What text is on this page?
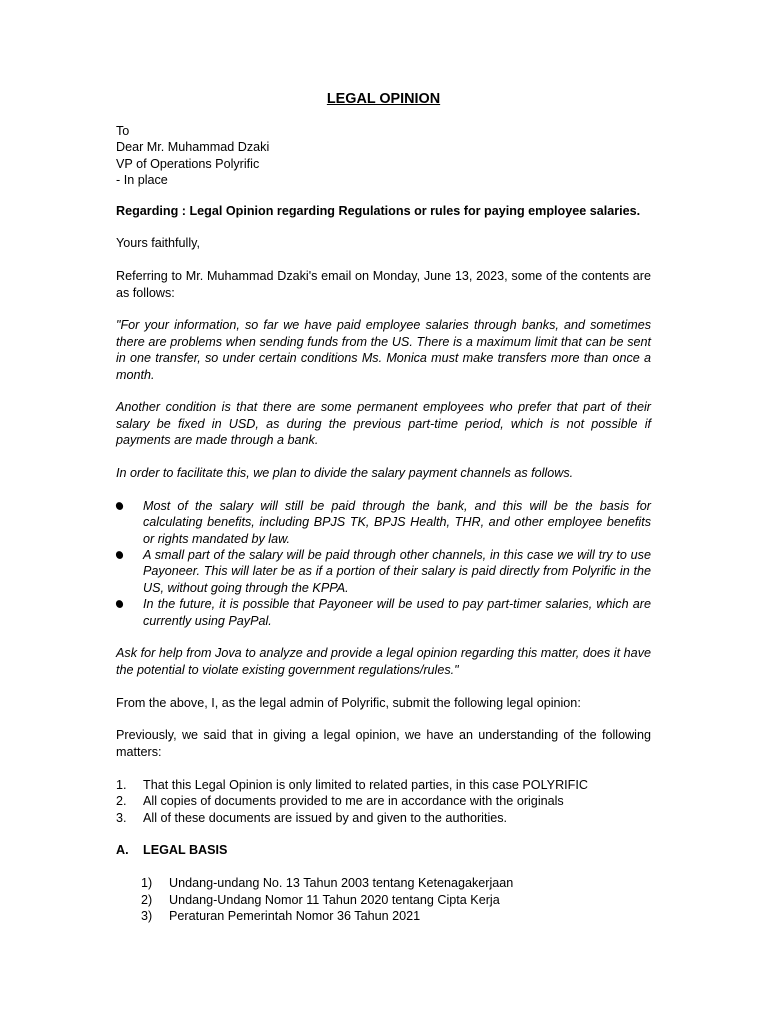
LEGAL OPINION

To

Dear Mr. Muhammad Dzaki

VP of Operations Polyrific

- In place

Regarding : Legal Opinion regarding Regulations or rules for paying employee salaries.

Yours faithfully,

Referring to Mr. Muhammad Dzaki's email on Monday, June 13, 2023, some of the contents are as follows:

"For your information, so far we have paid employee salaries through banks, and sometimes there are problems when sending funds from the US. There is a maximum limit that can be sent in one transfer, so under certain conditions Ms. Monica must make transfers more than once a month.

Another condition is that there are some permanent employees who prefer that part of their salary be fixed in USD, as during the previous part-time period, which is not possible if payments are made through a bank.

In order to facilitate this, we plan to divide the salary payment channels as follows.

Most of the salary will still be paid through the bank, and this will be the basis for calculating benefits, including BPJS TK, BPJS Health, THR, and other employee benefits or rights mandated by law.
A small part of the salary will be paid through other channels, in this case we will try to use Payoneer. This will later be as if a portion of their salary is paid directly from Polyrific in the US, without going through the KPPA.
In the future, it is possible that Payoneer will be used to pay part-timer salaries, which are currently using PayPal.

Ask for help from Jova to analyze and provide a legal opinion regarding this matter, does it have the potential to violate existing government regulations/rules."

From the above, I, as the legal admin of Polyrific, submit the following legal opinion:

Previously, we said that in giving a legal opinion, we have an understanding of the following matters:

1. That this Legal Opinion is only limited to related parties, in this case POLYRIFIC
2. All copies of documents provided to me are in accordance with the originals
3. All of these documents are issued by and given to the authorities.
A. LEGAL BASIS
1) Undang-undang No. 13 Tahun 2003 tentang Ketenagakerjaan
2) Undang-Undang Nomor 11 Tahun 2020 tentang Cipta Kerja
3) Peraturan Pemerintah Nomor 36 Tahun 2021
